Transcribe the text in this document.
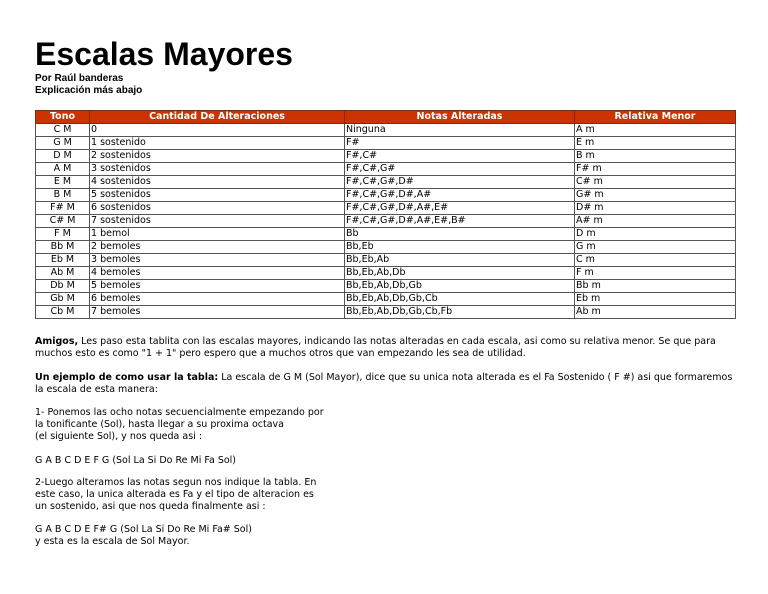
Escalas Mayores
Por Raúl banderas
Explicación más abajo
Tono	Cantidad De Alteraciones	Notas Alteradas	Relativa Menor
C M	0	Ninguna	A m
G M	1 sostenido	F#	E m
D M	2 sostenidos	F#,C#	B m
A M	3 sostenidos	F#,C#,G#	F# m
E M	4 sostenidos	F#,C#,G#,D#	C# m
B M	5 sostenidos	F#,C#,G#,D#,A#	G# m
F# M	6 sostenidos	F#,C#,G#,D#,A#,E#	D# m
C# M	7 sostenidos	F#,C#,G#,D#,A#,E#,B#	A# m
F M	1 bemol	Bb	D m
Bb M	2 bemoles	Bb,Eb	G m
Eb M	3 bemoles	Bb,Eb,Ab	C m
Ab M	4 bemoles	Bb,Eb,Ab,Db	F m
Db M	5 bemoles	Bb,Eb,Ab,Db,Gb	Bb m
Gb M	6 bemoles	Bb,Eb,Ab,Db,Gb,Cb	Eb m
Cb M	7 bemoles	Bb,Eb,Ab,Db,Gb,Cb,Fb	Ab m
Amigos, Les paso esta tablita con las escalas mayores, indicando las notas alteradas en cada escala, asi como su relativa menor. Se que para muchos esto es como "1 + 1" pero espero que a muchos otros que van empezando les sea de utilidad.
Un ejemplo de como usar la tabla: La escala de G M (Sol Mayor), dice que su unica nota alterada es el Fa Sostenido ( F #) asi que formaremos la escala de esta manera:
1- Ponemos las ocho notas secuencialmente empezando por
la tonificante (Sol), hasta llegar a su proxima octava
(el siguiente Sol), y nos queda asi :
G A B C D E F G (Sol La Si Do Re Mi Fa Sol)
2-Luego alteramos las notas segun nos indique la tabla. En
este caso, la unica alterada es Fa y el tipo de alteracion es
un sostenido, asi que nos queda finalmente asi :
G A B C D E F# G (Sol La Si Do Re Mi Fa# Sol)
y esta es la escala de Sol Mayor.
